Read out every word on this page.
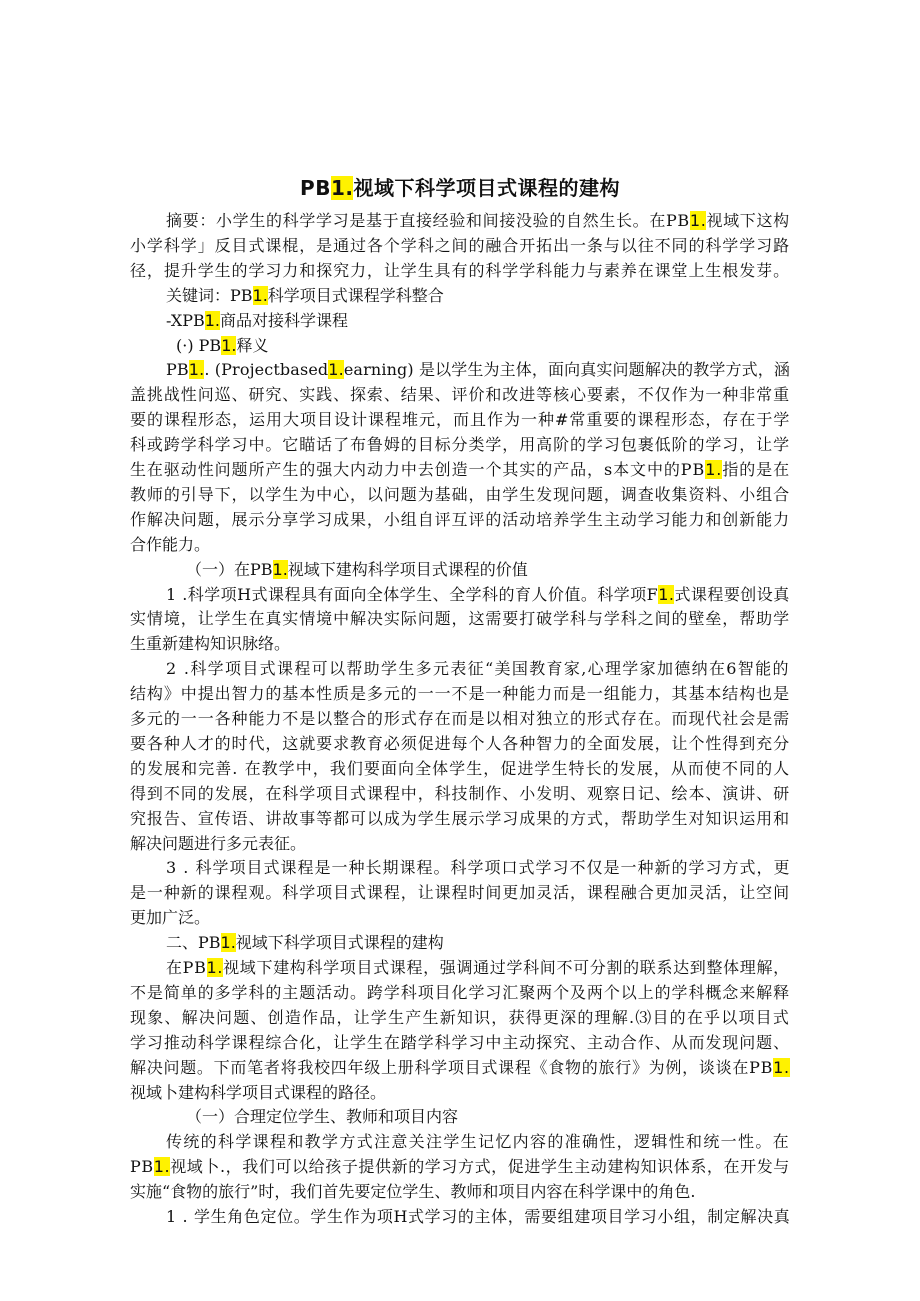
PB1.视域下科学项目式课程的建构
摘要：小学生的科学学习是基于直接经验和间接没验的自然生长。在PB1.视域下这构
小学科学」反目式课棍，是通过各个学科之间的融合开拓出一条与以往不同的科学学习路
径，提升学生的学习力和探究力，让学生具有的科学学科能力与素养在课堂上生根发芽。
关键词：PB1.科学项目式课程学科整合
-XPB1.商品对接科学课程
(·) PB1.释义
PB1.. (Projectbased1.earning) 是以学生为主体，面向真实问题解决的教学方式，涵
盖挑战性问巡、研究、实践、探索、结果、评价和改进等核心要素，不仅作为一种非常重
要的课程形态，运用大项目设计课程堆元，而且作为一种#常重要的课程形态，存在于学
科或跨学科学习中。它瞄话了布鲁姆的目标分类学，用高阶的学习包裹低阶的学习，让学
生在驱动性问题所产生的强大内动力中去创造一个其实的产品，s本文中的PB1.指的是在
教师的引导下，以学生为中心，以问题为基础，由学生发现问题，调查收集资料、小组合
作解决问题，展示分享学习成果，小组自评互评的活动培养学生主动学习能力和创新能力
合作能力。
（一）在PB1.视域下建构科学项目式课程的价值
1 .科学项H式课程具有面向全体学生、全学科的育人价值。科学项F1.式课程要创设真
实情境，让学生在真实情境中解决实际问题，这需要打破学科与学科之间的壁垒，帮助学
生重新建构知识脉络。
2 .科学项目式课程可以帮助学生多元表征“美国教育家,心理学家加德纳在6智能的
结构》中提出智力的基本性质是多元的一一不是一种能力而是一组能力，其基本结构也是
多元的一一各种能力不是以整合的形式存在而是以相对独立的形式存在。而现代社会是需
要各种人才的时代，这就要求教育必须促进每个人各种智力的全面发展，让个性得到充分
的发展和完善. 在教学中，我们要面向全体学生，促进学生特长的发展，从而使不同的人
得到不同的发展，在科学项目式课程中，科技制作、小发明、观察日记、绘本、演讲、研
究报告、宣传语、讲故事等都可以成为学生展示学习成果的方式，帮助学生对知识运用和
解决问题进行多元表征。
3 . 科学项目式课程是一种长期课程。科学项口式学习不仅是一种新的学习方式，更
是一种新的课程观。科学项目式课程，让课程时间更加灵活，课程融合更加灵活，让空间
更加广泛。
二、PB1.视域下科学项目式课程的建构
在PB1.视域下建构科学项目式课程，强调通过学科间不可分割的联系达到整体理解，
不是简单的多学科的主题活动。跨学科项目化学习汇聚两个及两个以上的学科概念来解释
现象、解决问题、创造作品，让学生产生新知识，获得更深的理解.⑶目的在乎以项目式
学习推动科学课程综合化，让学生在踏学科学习中主动探究、主动合作、从而发现问题、
解决问题。下而笔者将我校四年级上册科学项目式课程《食物的旅行》为例，谈谈在PB1.
视域卜建构科学项目式课程的路径。
（一）合理定位学生、教师和项目内容
传统的科学课程和教学方式注意关注学生记忆内容的准确性，逻辑性和统一性。在
PB1.视域卜.，我们可以给孩子提供新的学习方式，促进学生主动建构知识体系，在开发与
实施“食物的旅行”时，我们首先要定位学生、教师和项目内容在科学课中的角色.
1 . 学生角色定位。学生作为项H式学习的主体，需要组建项目学习小组，制定解决真
